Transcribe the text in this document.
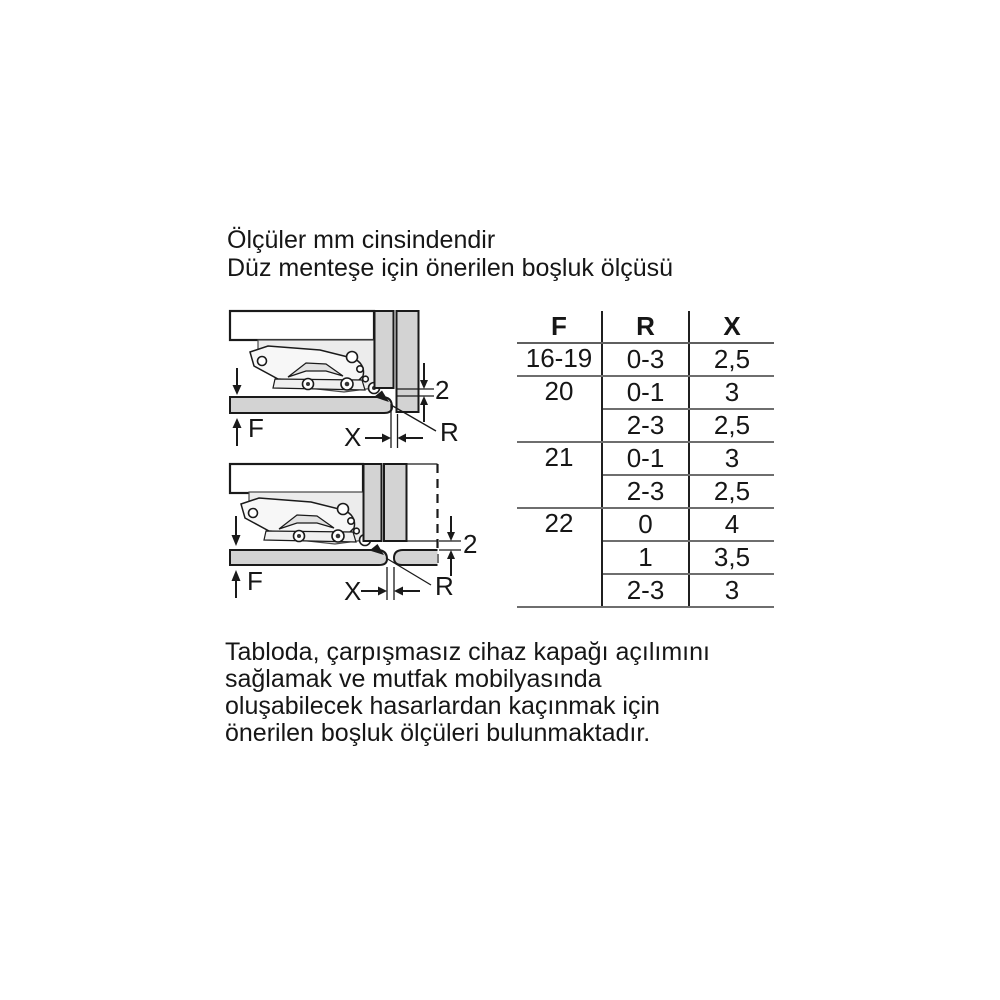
Ölçüler mm cinsindendir
Düz menteşe için önerilen boşluk ölçüsü
F
2
X	R
F
2
X	R
F	R	X
16-19	0-3	2,5
20	0-1	3
	2-3	2,5
21	0-1	3
	2-3	2,5
22	0	4
	1	3,5
	2-3	3
Tabloda, çarpışmasız cihaz kapağı açılımını
sağlamak ve mutfak mobilyasında
oluşabilecek hasarlardan kaçınmak için
önerilen boşluk ölçüleri bulunmaktadır.
